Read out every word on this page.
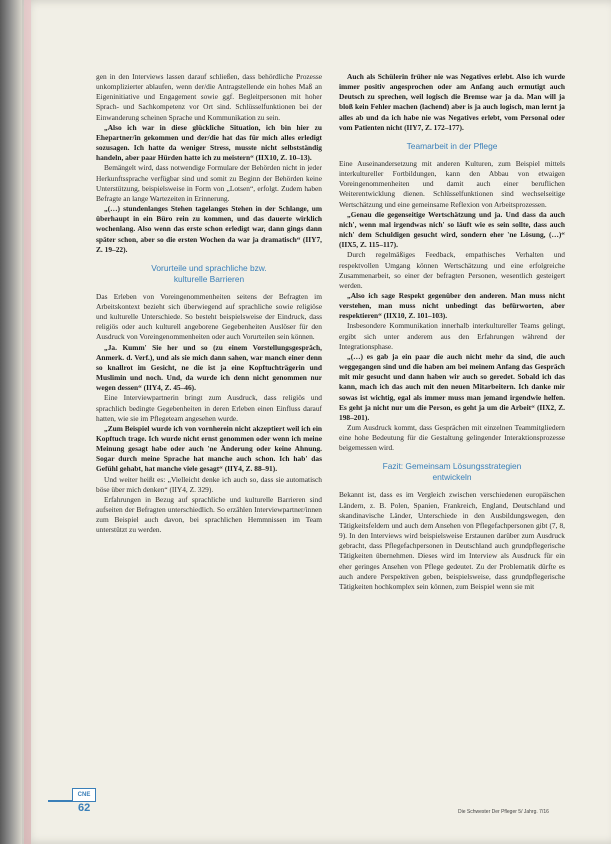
gen in den Interviews lassen darauf schließen, dass behördliche Prozesse unkomplizierter ablaufen, wenn der/die Antragstellende ein hohes Maß an Eigeninitiative und Engagement sowie ggf. Begleitpersonen mit hoher Sprach- und Sachkompetenz vor Ort sind. Schlüsselfunktionen bei der Einwanderung scheinen Sprache und Kommunikation zu sein.

„Also ich war in diese glückliche Situation, ich bin hier zu Ehepartner/in gekommen und der/die hat das für mich alles erledigt sozusagen. Ich hatte da weniger Stress, musste nicht selbstständig handeln, aber paar Hürden hatte ich zu meistern“ (IIX10, Z. 10–13).

Bemängelt wird, dass notwendige Formulare der Behörden nicht in jeder Herkunftssprache verfügbar sind und somit zu Beginn der Behörden keine Unterstützung, beispielsweise in Form von „Lotsen“, erfolgt. Zudem haben Befragte an lange Wartezeiten in Erinnerung.

„(…) stundenlanges Stehen tagelanges Stehen in der Schlange, um überhaupt in ein Büro rein zu kommen, und das dauerte wirklich wochenlang. Also wenn das erste schon erledigt war, dann gings dann später schon, aber so die ersten Wochen da war ja dramatisch“ (IIY7, Z. 19–22).

Vorurteile und sprachliche bzw.
kulturelle Barrieren

Das Erleben von Voreingenommenheiten seitens der Befragten im Arbeitskontext bezieht sich überwiegend auf sprachliche sowie religiöse und kulturelle Unterschiede. So besteht beispielsweise der Eindruck, dass religiös oder auch kulturell angeborene Gegebenheiten Auslöser für den Ausdruck von Voreingenommenheiten oder auch Vorurteilen sein können.

„Ja. Kumm' Sie her und so (zu einem Vorstellungsgespräch, Anmerk. d. Verf.), und als sie mich dann sahen, war manch einer denn so knallrot im Gesicht, ne die ist ja eine Kopftuchträgerin und Muslimin und noch. Und, da wurde ich denn nicht genommen nur wegen dessen“ (IIY4, Z. 45–46).

Eine Interviewpartnerin bringt zum Ausdruck, dass religiös und sprachlich bedingte Gegebenheiten in deren Erleben einen Einfluss darauf hatten, wie sie im Pflegeteam angesehen wurde.

„Zum Beispiel wurde ich von vornherein nicht akzeptiert weil ich ein Kopftuch trage. Ich wurde nicht ernst genommen oder wenn ich meine Meinung gesagt habe oder auch 'ne Änderung oder keine Ahnung. Sogar durch meine Sprache hat manche auch schon. Ich hab' das Gefühl gehabt, hat manche viele gesagt“ (IIY4, Z. 88–91).

Und weiter heißt es: „Vielleicht denke ich auch so, dass sie automatisch böse über mich denken“ (IIY4, Z. 329).

Erfahrungen in Bezug auf sprachliche und kulturelle Barrieren sind aufseiten der Befragten unterschiedlich. So erzählen Interviewpartner/innen zum Beispiel auch davon, bei sprachlichen Hemmnissen im Team unterstützt zu werden.

Auch als Schülerin früher nie was Negatives erlebt. Also ich wurde immer positiv angesprochen oder am Anfang auch ermutigt auch Deutsch zu sprechen, weil logisch die Bremse war ja da. Man will ja bloß kein Fehler machen (lachend) aber is ja auch logisch, man lernt ja alles ab und da ich habe nie was Negatives erlebt, vom Personal oder vom Patienten nicht (IIY7, Z. 172–177).

Teamarbeit in der Pflege

Eine Auseinandersetzung mit anderen Kulturen, zum Beispiel mittels interkultureller Fortbildungen, kann den Abbau von etwaigen Voreingenommenheiten und damit auch einer beruflichen Weiterentwicklung dienen. Schlüsselfunktionen sind wechselseitige Wertschätzung und eine gemeinsame Reflexion von Arbeitsprozessen.

„Genau die gegenseitige Wertschätzung und ja. Und dass da auch nich', wenn mal irgendwas nich' so läuft wie es sein sollte, dass auch nich' dem Schuldigen gesucht wird, sondern eher 'ne Lösung, (…)“ (IIX5, Z. 115–117).

Durch regelmäßiges Feedback, empathisches Verhalten und respektvollen Umgang können Wertschätzung und eine erfolgreiche Zusammenarbeit, so einer der befragten Personen, wesentlich gesteigert werden.

„Also ich sage Respekt gegenüber den anderen. Man muss nicht verstehen, man muss nicht unbedingt das befürworten, aber respektieren“ (IIX10, Z. 101–103).

Insbesondere Kommunikation innerhalb interkultureller Teams gelingt, ergibt sich unter anderem aus den Erfahrungen während der Integrationsphase.

„(…) es gab ja ein paar die auch nicht mehr da sind, die auch weggegangen sind und die haben am bei meinem Anfang das Gespräch mit mir gesucht und dann haben wir auch so geredet. Sobald ich das kann, mach ich das auch mit den neuen Mitarbeitern. Ich danke mir sowas ist wichtig, egal als immer muss man jemand irgendwie helfen. Es geht ja nicht nur um die Person, es geht ja um die Arbeit“ (IIX2, Z. 198–201).

Zum Ausdruck kommt, dass Gesprächen mit einzelnen Teammitgliedern eine hohe Bedeutung für die Gestaltung gelingender Interaktionsprozesse beigemessen wird.

Fazit: Gemeinsam Lösungsstrategien
entwickeln

Bekannt ist, dass es im Vergleich zwischen verschiedenen europäischen Ländern, z. B. Polen, Spanien, Frankreich, England, Deutschland und skandinavische Länder, Unterschiede in den Ausbildungswegen, den Tätigkeitsfeldern und auch dem Ansehen von Pflegefachpersonen gibt (7, 8, 9). In den Interviews wird beispielsweise Erstaunen darüber zum Ausdruck gebracht, dass Pflegefachpersonen in Deutschland auch grundpflegerische Tätigkeiten übernehmen. Dieses wird im Interview als Ausdruck für ein eher geringes Ansehen von Pflege gedeutet. Zu der Problematik dürfte es auch andere Perspektiven geben, beispielsweise, dass grundpflegerische Tätigkeiten hochkomplex sein können, zum Beispiel wenn sie mit

CNE
62	Die Schwester Der Pfleger 5/ Jahrg. 7/16
